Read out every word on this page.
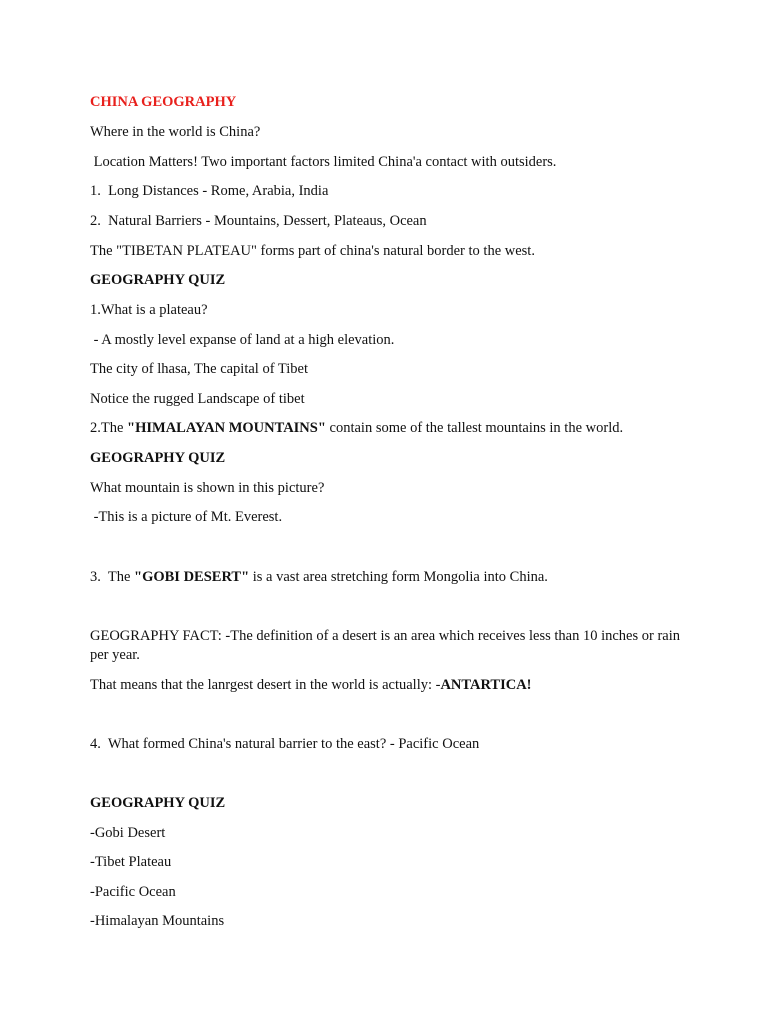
CHINA GEOGRAPHY

Where in the world is China?

Location Matters! Two important factors limited China'a contact with outsiders.

1.  Long Distances - Rome, Arabia, India

2.  Natural Barriers - Mountains, Dessert, Plateaus, Ocean

The "TIBETAN PLATEAU" forms part of china's natural border to the west.

GEOGRAPHY QUIZ

1.What is a plateau?

- A mostly level expanse of land at a high elevation.

The city of lhasa, The capital of Tibet

Notice the rugged Landscape of tibet

2.The "HIMALAYAN MOUNTAINS" contain some of the tallest mountains in the world.

GEOGRAPHY QUIZ

What mountain is shown in this picture?

-This is a picture of Mt. Everest.

3.  The "GOBI DESERT" is a vast area stretching form Mongolia into China.

GEOGRAPHY FACT: -The definition of a desert is an area which receives less than 10 inches or rain per year.

That means that the lanrgest desert in the world is actually: -ANTARTICA!

4.  What formed China's natural barrier to the east? - Pacific Ocean

GEOGRAPHY QUIZ

-Gobi Desert

-Tibet Plateau

-Pacific Ocean

-Himalayan Mountains
